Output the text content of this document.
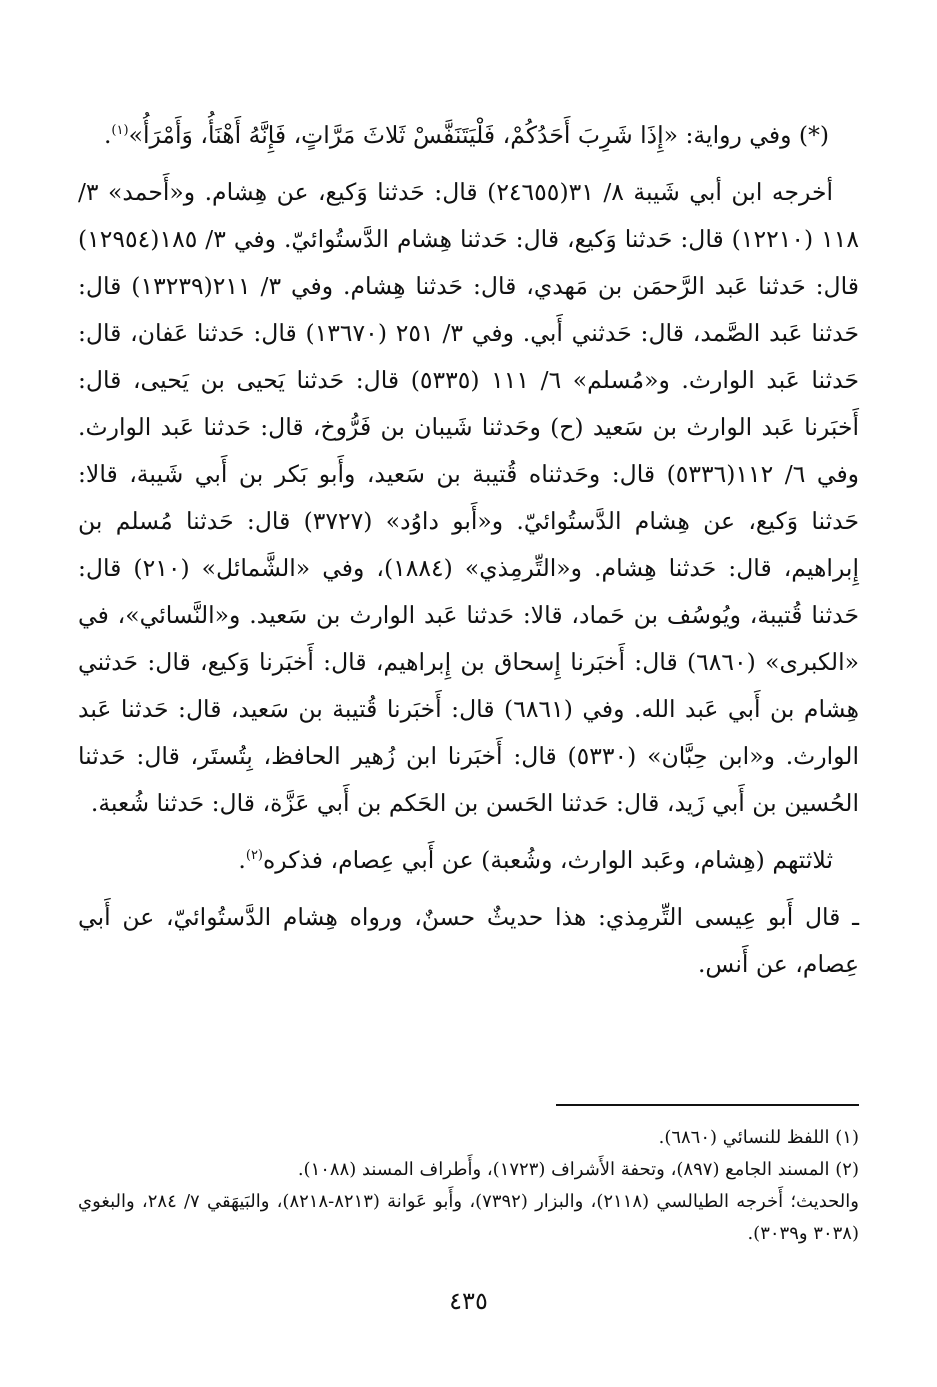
(*) وفي رواية: «إِذَا شَرِبَ أَحَدُكُمْ، فَلْيَتَنَفَّسْ ثَلاثَ مَرَّاتٍ، فَإِنَّهُ أَهْنَأُ، وَأَمْرَأُ»$^{(١)}$.

أخرجه ابن أبي شَيبة ٨/ ٣١(٢٤٦٥٥) قال: حَدثنا وَكيع، عن هِشام. و«أَحمد» ٣/ ١١٨ (١٢٢١٠) قال: حَدثنا وَكيع، قال: حَدثنا هِشام الدَّستُوائيّ. وفي ٣/ ١٨٥(١٢٩٥٤) قال: حَدثنا عَبد الرَّحمَن بن مَهدي، قال: حَدثنا هِشام. وفي ٣/ ٢١١(١٣٢٣٩) قال: حَدثنا عَبد الصَّمد، قال: حَدثني أَبي. وفي ٣/ ٢٥١ (١٣٦٧٠) قال: حَدثنا عَفان، قال: حَدثنا عَبد الوارث. و«مُسلم» ٦/ ١١١ (٥٣٣٥) قال: حَدثنا يَحيى بن يَحيى، قال: أَخبَرنا عَبد الوارث بن سَعيد (ح) وحَدثنا شَيبان بن فَرُّوخ، قال: حَدثنا عَبد الوارث. وفي ٦/ ١١٢(٥٣٣٦) قال: وحَدثناه قُتيبة بن سَعيد، وأَبو بَكر بن أَبي شَيبة، قالا: حَدثنا وَكيع، عن هِشام الدَّستُوائيّ. و«أَبو داوُد» (٣٧٢٧) قال: حَدثنا مُسلم بن إِبراهيم، قال: حَدثنا هِشام. و«التِّرمِذي» (١٨٨٤)، وفي «الشَّمائل» (٢١٠) قال: حَدثنا قُتيبة، ويُوسُف بن حَماد، قالا: حَدثنا عَبد الوارث بن سَعيد. و«النَّسائي»، في «الكبرى» (٦٨٦٠) قال: أَخبَرنا إِسحاق بن إِبراهيم، قال: أَخبَرنا وَكيع، قال: حَدثني هِشام بن أَبي عَبد الله. وفي (٦٨٦١) قال: أَخبَرنا قُتيبة بن سَعيد، قال: حَدثنا عَبد الوارث. و«ابن حِبَّان» (٥٣٣٠) قال: أَخبَرنا ابن زُهير الحافظ، بِتُستَر، قال: حَدثنا الحُسين بن أَبي زَيد، قال: حَدثنا الحَسن بن الحَكم بن أَبي عَزَّة، قال: حَدثنا شُعبة.

ثلاثتهم (هِشام، وعَبد الوارث، وشُعبة) عن أَبي عِصام، فذكره$^{(٢)}$.

ـ قال أَبو عِيسى التِّرمِذي: هذا حديثٌ حسنٌ، ورواه هِشام الدَّستُوائيّ، عن أَبي عِصام، عن أَنس.

(١) اللفظ للنسائي (٦٨٦٠).

(٢) المسند الجامع (٨٩٧)، وتحفة الأَشراف (١٧٢٣)، وأَطراف المسند (١٠٨٨).

والحديث؛ أَخرجه الطيالسي (٢١١٨)، والبزار (٧٣٩٢)، وأَبو عَوانة (٨٢١٣-٨٢١٨)، والبَيهَقي ٧/ ٢٨٤، والبغوي (٣٠٣٨ و٣٠٣٩).

٤٣٥
